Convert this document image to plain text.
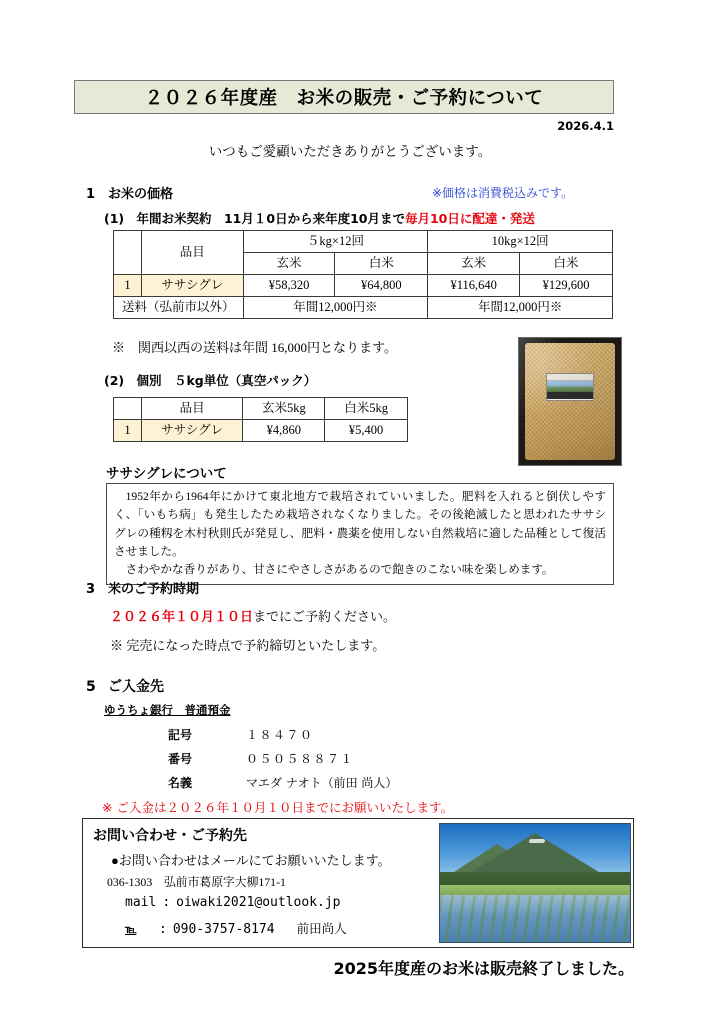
２０２６年度産　お米の販売・ご予約について
2026.4.1
いつもご愛顧いただきありがとうございます。
1 お米の価格	※価格は消費税込みです。
(1) 年間お米契約　11月１0日から来年度10月まで毎月10日に配達・発送
	品目	５kg×12回		10kg×12回	
		玄米	白米	玄米	白米
1	ササシグレ	¥58,320	¥64,800	¥116,640	¥129,600
送料（弘前市以外）		年間12,000円※		年間12,000円※	
※　関西以西の送料は年間 16,000円となります。
(2) 個別　５kg単位（真空パック）
	品目	玄米5kg	白米5kg
1	ササシグレ	¥4,860	¥5,400
ササシグレについて

1952年から1964年にかけて東北地方で栽培されていいました。肥料を入れると倒伏しやすく、「いもち病」も発生したため栽培されなくなりました。その後絶滅したと思われたササシグレの種籾を木村秋則氏が発見し、肥料・農薬を使用しない自然栽培に適した品種として復活させました。

さわやかな香りがあり、甘さにやさしさがあるので飽きのこない味を楽しめます。

3 米のご予約時期
２０２６年１０月１０日までにご予約ください。
※ 完売になった時点で予約締切といたします。
5 ご入金先
ゆうちょ銀行　普通預金
記号	１８４７０
番号	０５０５８８７１
名義	マエダ ナオト（前田 尚人）
※ ご入金は２０２６年１０月１０日までにお願いいたします。
お問い合わせ・ご予約先
●お問い合わせはメールにてお願いいたします。
036-1303　弘前市葛原字大柳171-1
mail : oiwaki2021@outlook.jp
℡ : 090-3757-8174 前田尚人
2025年度産のお米は販売終了しました。
